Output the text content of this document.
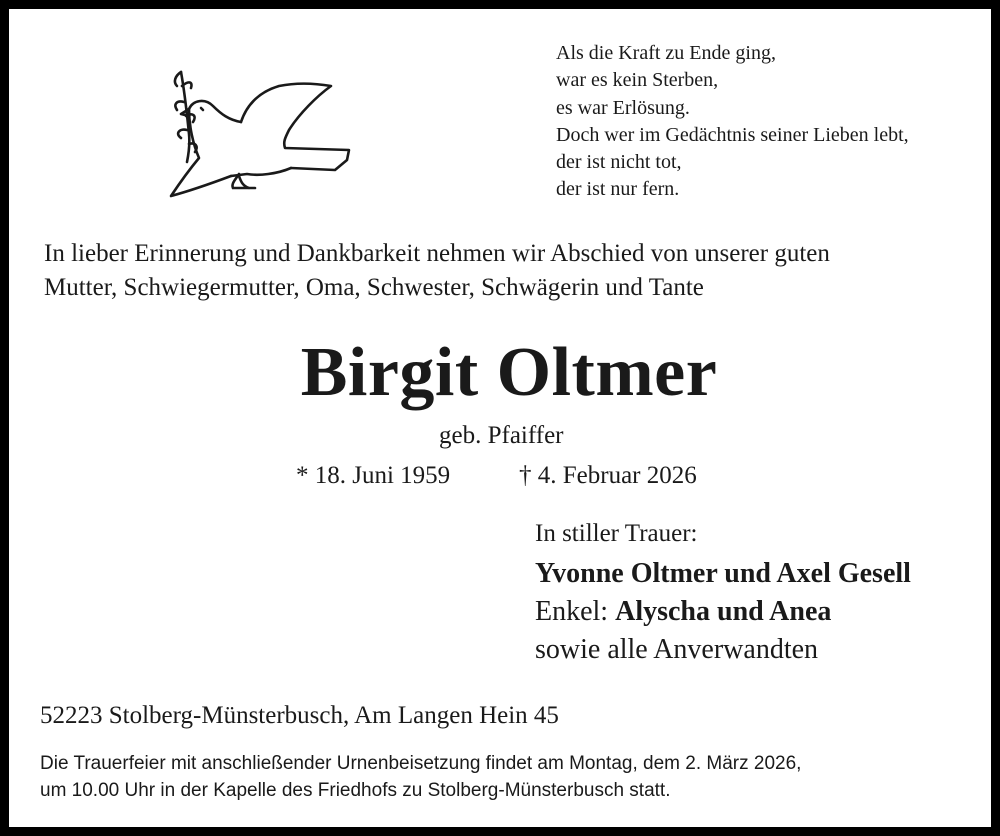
Als die Kraft zu Ende ging,
war es kein Sterben,
es war Erlösung.
Doch wer im Gedächtnis seiner Lieben lebt,
der ist nicht tot,
der ist nur fern.
In lieber Erinnerung und Dankbarkeit nehmen wir Abschied von unserer guten
Mutter, Schwiegermutter, Oma, Schwester, Schwägerin und Tante
Birgit Oltmer
geb. Pfaiffer
* 18. Juni 1959	† 4. Februar 2026
In stiller Trauer:
Yvonne Oltmer und Axel Gesell
Enkel: Alyscha und Anea
sowie alle Anverwandten
52223 Stolberg-Münsterbusch, Am Langen Hein 45
Die Trauerfeier mit anschließender Urnenbeisetzung findet am Montag, dem 2. März 2026,
um 10.00 Uhr in der Kapelle des Friedhofs zu Stolberg-Münsterbusch statt.
